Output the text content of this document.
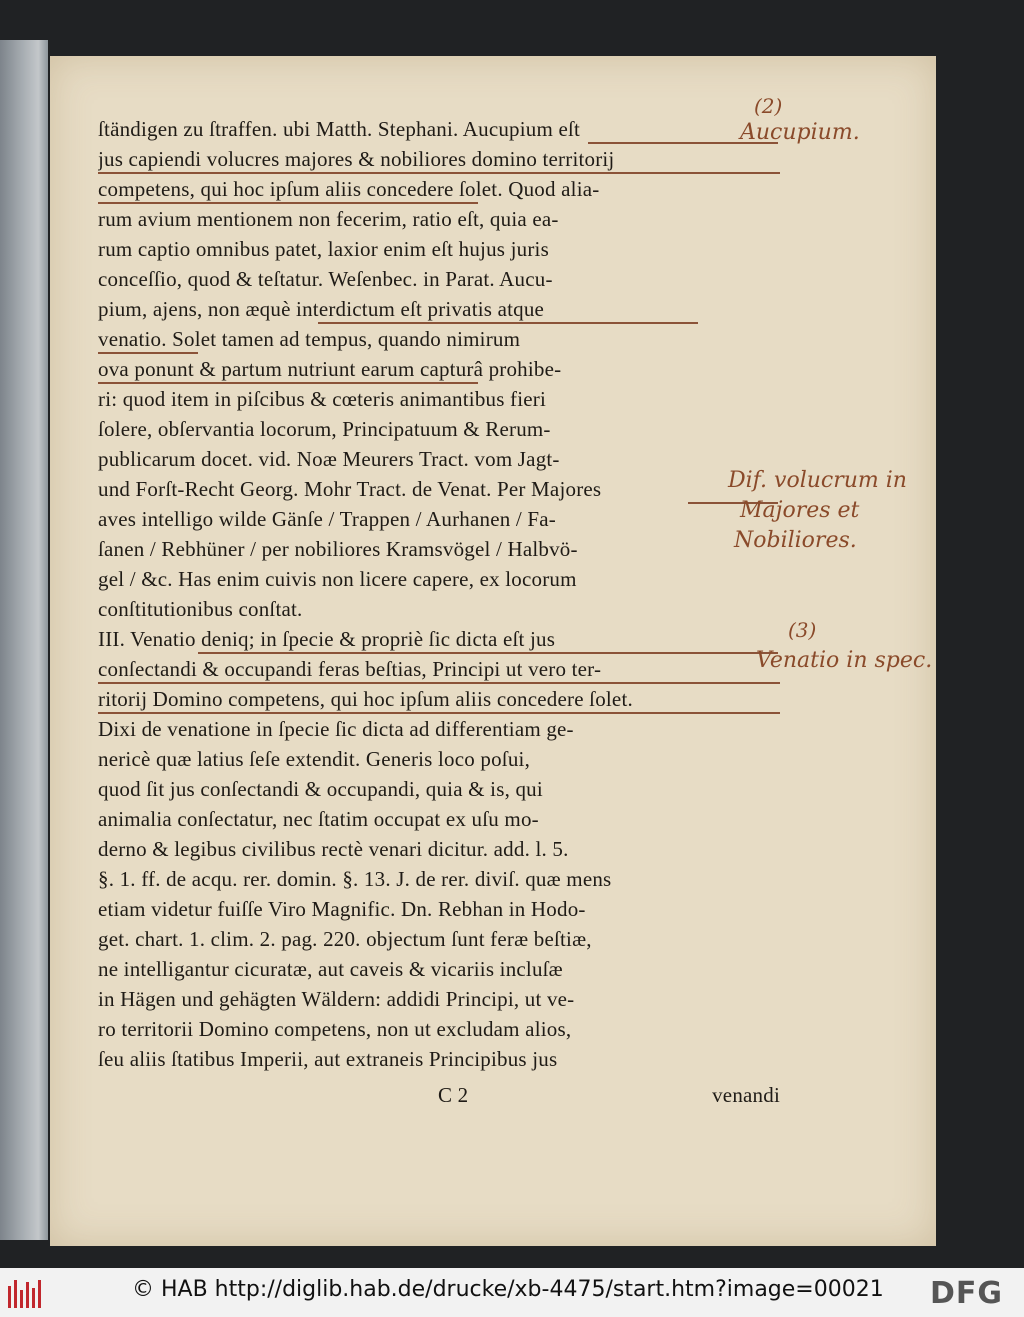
ſtändigen zu ſtraffen. ubi Matth. Stephani. Aucupium eſt
jus capiendi volucres majores & nobiliores domino territorij
competens, qui hoc ipſum aliis concedere ſolet. Quod alia-
rum avium mentionem non fecerim, ratio eſt, quia ea-
rum captio omnibus patet, laxior enim eſt hujus juris
conceſſio, quod & teſtatur. Weſenbec. in Parat. Aucu-
pium, ajens, non æquè interdictum eſt privatis atque
venatio. Solet tamen ad tempus, quando nimirum
ova ponunt & partum nutriunt earum capturâ prohibe-
ri: quod item in piſcibus & cœteris animantibus fieri
ſolere, obſervantia locorum, Principatuum & Rerum-
publicarum docet. vid. Noæ Meurers Tract. vom Jagt-
und Forſt-Recht Georg. Mohr Tract. de Venat. Per Majores
aves intelligo wilde Gänſe / Trappen / Aurhanen / Fa-
ſanen / Rebhüner / per nobiliores Kramsvögel / Halbvö-
gel / &c. Has enim cuivis non licere capere, ex locorum
conſtitutionibus conſtat.
III. Venatio deniq; in ſpecie & propriè ſic dicta eſt jus
conſectandi & occupandi feras beſtias, Principi ut vero ter-
ritorij Domino competens, qui hoc ipſum aliis concedere ſolet.
Dixi de venatione in ſpecie ſic dicta ad differentiam ge-
nericè quæ latius ſeſe extendit. Generis loco poſui,
quod ſit jus conſectandi & occupandi, quia & is, qui
animalia conſectatur, nec ſtatim occupat ex uſu mo-
derno & legibus civilibus rectè venari dicitur. add. l. 5.
§. 1. ff. de acqu. rer. domin. §. 13. J. de rer. diviſ. quæ mens
etiam videtur fuiſſe Viro Magnific. Dn. Rebhan in Hodo-
get. chart. 1. clim. 2. pag. 220. objectum ſunt feræ beſtiæ,
ne intelligantur cicuratæ, aut caveis & vicariis incluſæ
in Hägen und gehägten Wäldern: addidi Principi, ut ve-
ro territorii Domino competens, non ut excludam alios,
ſeu aliis ſtatibus Imperii, aut extraneis Principibus jus
C 2	venandi
(2)
Aucupium.
Dif. volucrum in
Majores et
Nobiliores.
(3)
Venatio in spec.
© HAB http://diglib.hab.de/drucke/xb-4475/start.htm?image=00021 DFG
